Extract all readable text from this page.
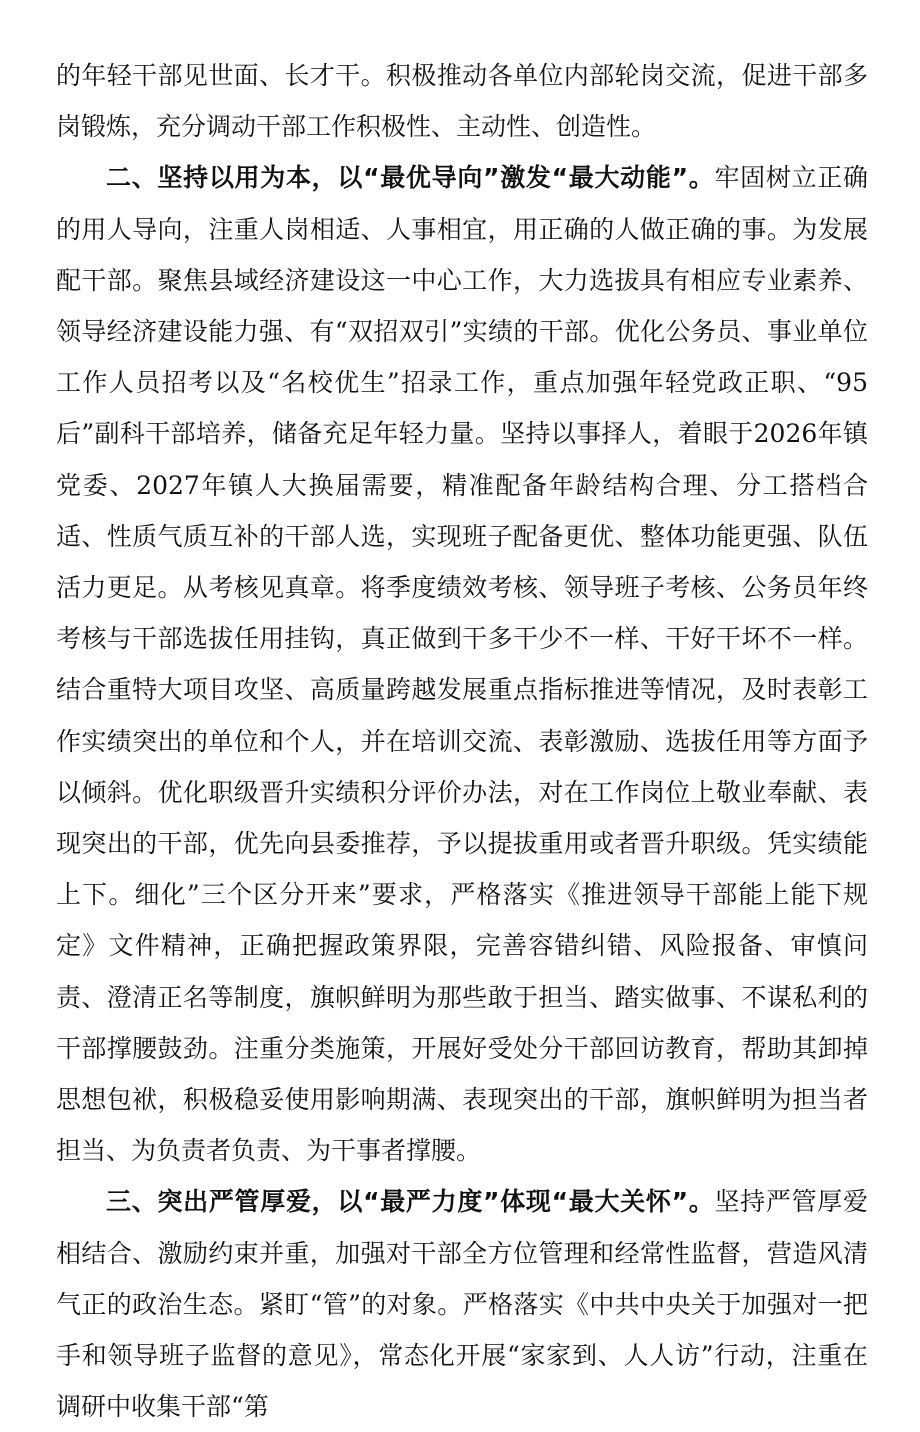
的年轻干部见世面、长才干。积极推动各单位内部轮岗交流，促进干部多岗锻炼，充分调动干部工作积极性、主动性、创造性。

二、坚持以用为本，以“最优导向”激发“最大动能”。牢固树立正确的用人导向，注重人岗相适、人事相宜，用正确的人做正确的事。为发展配干部。聚焦县域经济建设这一中心工作，大力选拔具有相应专业素养、领导经济建设能力强、有“双招双引”实绩的干部。优化公务员、事业单位工作人员招考以及“名校优生”招录工作，重点加强年轻党政正职、“95后”副科干部培养，储备充足年轻力量。坚持以事择人，着眼于2026年镇党委、2027年镇人大换届需要，精准配备年龄结构合理、分工搭档合适、性质气质互补的干部人选，实现班子配备更优、整体功能更强、队伍活力更足。从考核见真章。将季度绩效考核、领导班子考核、公务员年终考核与干部选拔任用挂钩，真正做到干多干少不一样、干好干坏不一样。结合重特大项目攻坚、高质量跨越发展重点指标推进等情况，及时表彰工作实绩突出的单位和个人，并在培训交流、表彰激励、选拔任用等方面予以倾斜。优化职级晋升实绩积分评价办法，对在工作岗位上敬业奉献、表现突出的干部，优先向县委推荐，予以提拔重用或者晋升职级。凭实绩能上下。细化”三个区分开来”要求，严格落实《推进领导干部能上能下规定》文件精神，正确把握政策界限，完善容错纠错、风险报备、审慎问责、澄清正名等制度，旗帜鲜明为那些敢于担当、踏实做事、不谋私利的干部撑腰鼓劲。注重分类施策，开展好受处分干部回访教育，帮助其卸掉思想包袱，积极稳妥使用影响期满、表现突出的干部，旗帜鲜明为担当者担当、为负责者负责、为干事者撑腰。

三、突出严管厚爱，以“最严力度”体现“最大关怀”。坚持严管厚爱相结合、激励约束并重，加强对干部全方位管理和经常性监督，营造风清气正的政治生态。紧盯“管”的对象。严格落实《中共中央关于加强对一把手和领导班子监督的意见》，常态化开展“家家到、人人访”行动，注重在调研中收集干部“第
